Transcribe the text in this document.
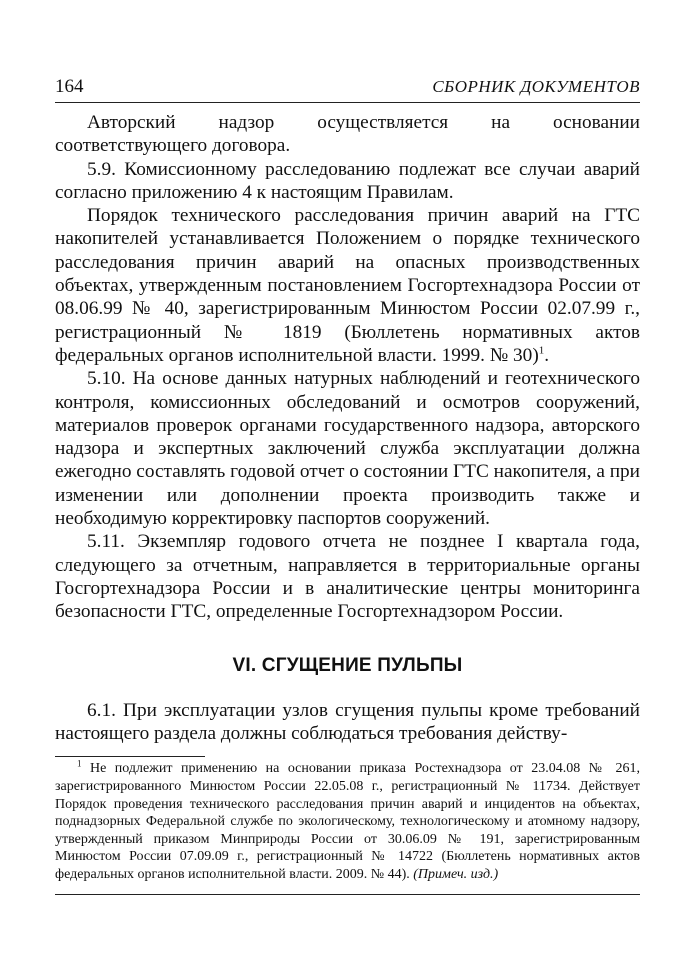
164	СБОРНИК ДОКУМЕНТОВ

Авторский надзор осуществляется на основании соответствующего договора.

5.9. Комиссионному расследованию подлежат все случаи аварий согласно приложению 4 к настоящим Правилам.

Порядок технического расследования причин аварий на ГТС накопителей устанавливается Положением о порядке технического расследования причин аварий на опасных производственных объектах, утвержденным постановлением Госгортехнадзора России от 08.06.99 № 40, зарегистрированным Минюстом России 02.07.99 г., регистрационный № 1819 (Бюллетень нормативных актов федеральных органов исполнительной власти. 1999. № 30)$^1$.

5.10. На основе данных натурных наблюдений и геотехнического контроля, комиссионных обследований и осмотров сооружений, материалов проверок органами государственного надзора, авторского надзора и экспертных заключений служба эксплуатации должна ежегодно составлять годовой отчет о состоянии ГТС накопителя, а при изменении или дополнении проекта производить также и необходимую корректировку паспортов сооружений.

5.11. Экземпляр годового отчета не позднее I квартала года, следующего за отчетным, направляется в территориальные органы Госгортехнадзора России и в аналитические центры мониторинга безопасности ГТС, определенные Госгортехнадзором России.

VI. СГУЩЕНИЕ ПУЛЬПЫ

6.1. При эксплуатации узлов сгущения пульпы кроме требований настоящего раздела должны соблюдаться требования действу-

$^1$ Не подлежит применению на основании приказа Ростехнадзора от 23.04.08 № 261, зарегистрированного Минюстом России 22.05.08 г., регистрационный № 11734. Действует Порядок проведения технического расследования причин аварий и инцидентов на объектах, поднадзорных Федеральной службе по экологическому, технологическому и атомному надзору, утвержденный приказом Минприроды России от 30.06.09 № 191, зарегистрированным Минюстом России 07.09.09 г., регистрационный № 14722 (Бюллетень нормативных актов федеральных органов исполнительной власти. 2009. № 44). (Примеч. изд.)
